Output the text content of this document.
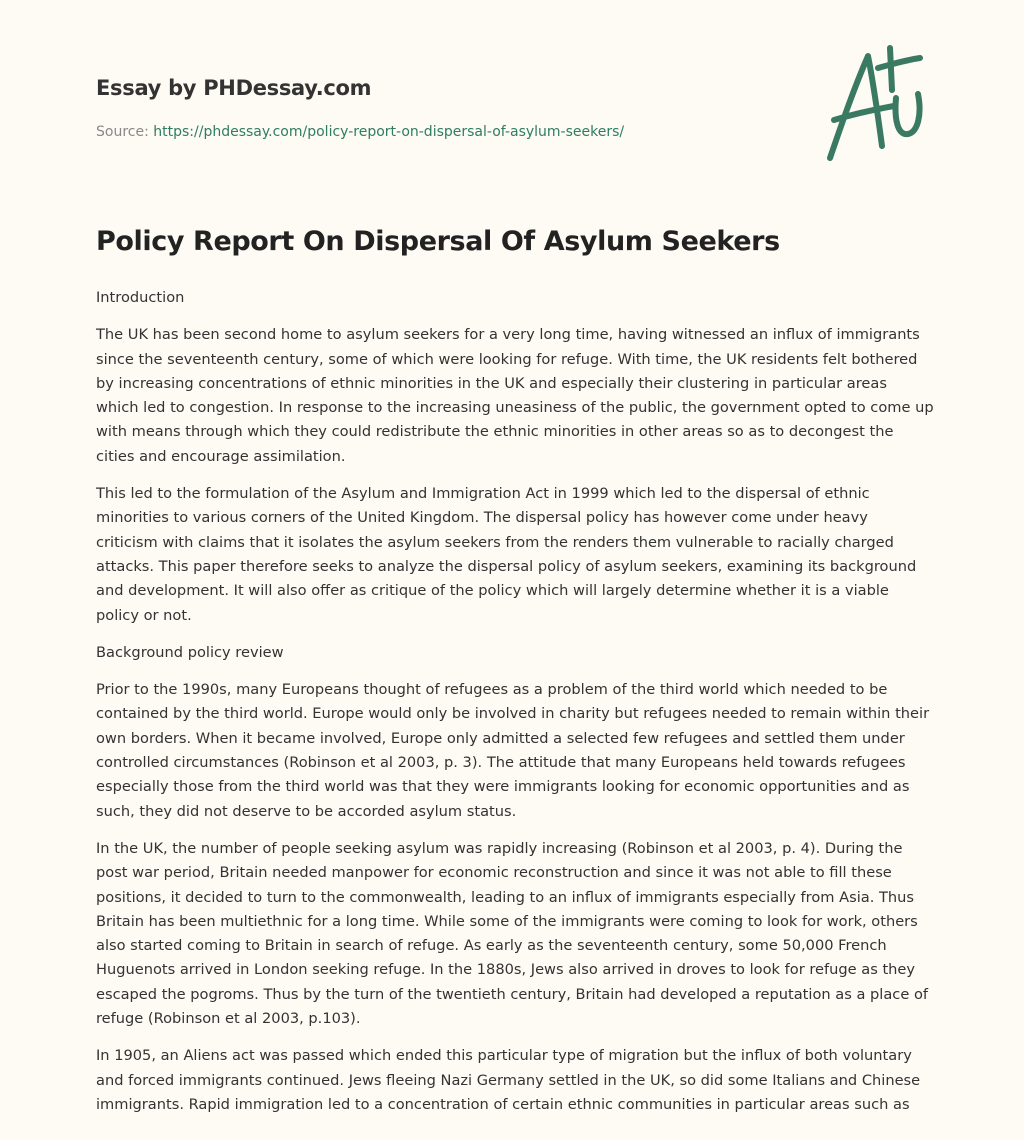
Essay by PHDessay.com
Source: https://phdessay.com/policy-report-on-dispersal-of-asylum-seekers/
Policy Report On Dispersal Of Asylum Seekers

Introduction

The UK has been second home to asylum seekers for a very long time, having witnessed an influx of immigrants since the seventeenth century, some of which were looking for refuge. With time, the UK residents felt bothered by increasing concentrations of ethnic minorities in the UK and especially their clustering in particular areas which led to congestion. In response to the increasing uneasiness of the public, the government opted to come up with means through which they could redistribute the ethnic minorities in other areas so as to decongest the cities and encourage assimilation.

This led to the formulation of the Asylum and Immigration Act in 1999 which led to the dispersal of ethnic minorities to various corners of the United Kingdom. The dispersal policy has however come under heavy criticism with claims that it isolates the asylum seekers from the renders them vulnerable to racially charged attacks. This paper therefore seeks to analyze the dispersal policy of asylum seekers, examining its background and development. It will also offer as critique of the policy which will largely determine whether it is a viable policy or not.

Background policy review

Prior to the 1990s, many Europeans thought of refugees as a problem of the third world which needed to be contained by the third world. Europe would only be involved in charity but refugees needed to remain within their own borders. When it became involved, Europe only admitted a selected few refugees and settled them under controlled circumstances (Robinson et al 2003, p. 3). The attitude that many Europeans held towards refugees especially those from the third world was that they were immigrants looking for economic opportunities and as such, they did not deserve to be accorded asylum status.

In the UK, the number of people seeking asylum was rapidly increasing (Robinson et al 2003, p. 4). During the post war period, Britain needed manpower for economic reconstruction and since it was not able to fill these positions, it decided to turn to the commonwealth, leading to an influx of immigrants especially from Asia. Thus Britain has been multiethnic for a long time. While some of the immigrants were coming to look for work, others also started coming to Britain in search of refuge. As early as the seventeenth century, some 50,000 French Huguenots arrived in London seeking refuge. In the 1880s, Jews also arrived in droves to look for refuge as they escaped the pogroms. Thus by the turn of the twentieth century, Britain had developed a reputation as a place of refuge (Robinson et al 2003, p.103).

In 1905, an Aliens act was passed which ended this particular type of migration but the influx of both voluntary and forced immigrants continued. Jews fleeing Nazi Germany settled in the UK, so did some Italians and Chinese immigrants. Rapid immigration led to a concentration of certain ethnic communities in particular areas such as
